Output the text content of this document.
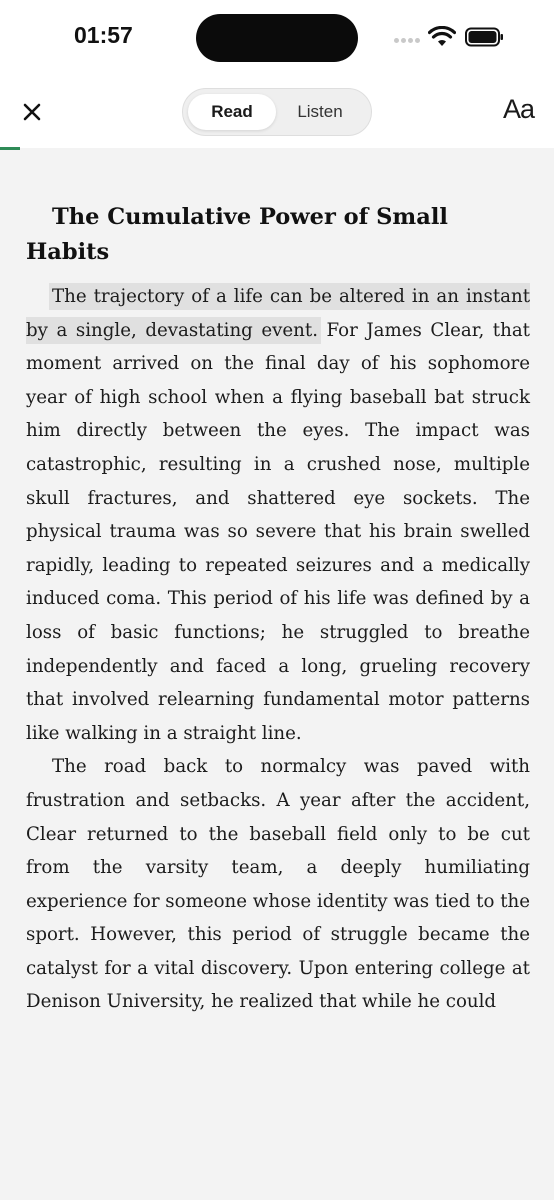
01:57
Read	Listen	Aa
The Cumulative Power of Small Habits

The trajectory of a life can be altered in an instant by a single, devastating event. For James Clear, that moment arrived on the final day of his sophomore year of high school when a flying baseball bat struck him directly between the eyes. The impact was catastrophic, resulting in a crushed nose, multiple skull fractures, and shattered eye sockets. The physical trauma was so severe that his brain swelled rapidly, leading to repeated seizures and a medically induced coma. This period of his life was defined by a loss of basic functions; he struggled to breathe independently and faced a long, grueling recovery that involved relearning fundamental motor patterns like walking in a straight line.

The road back to normalcy was paved with frustration and setbacks. A year after the accident, Clear returned to the baseball field only to be cut from the varsity team, a deeply humiliating experience for someone whose identity was tied to the sport. However, this period of struggle became the catalyst for a vital discovery. Upon entering college at Denison University, he realized that while he could
